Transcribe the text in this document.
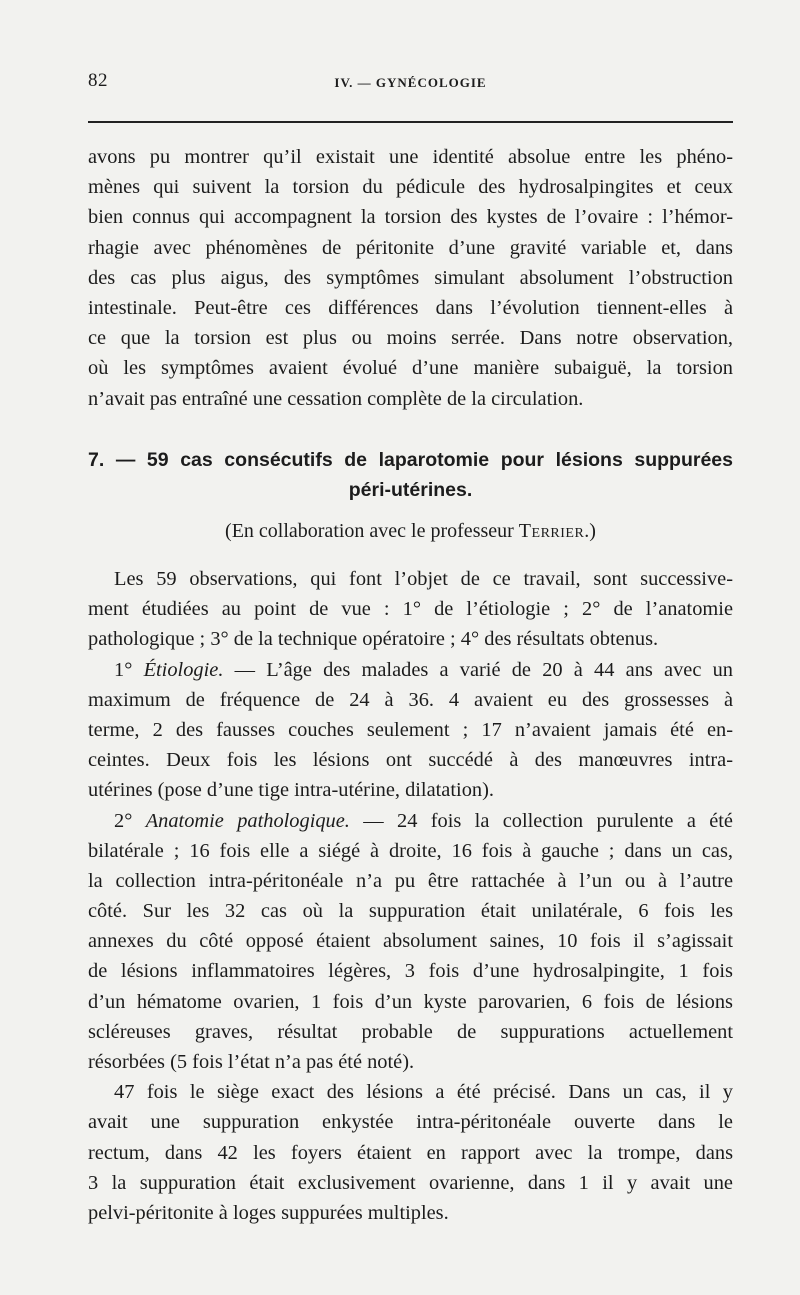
82	IV. — GYNÉCOLOGIE
avons pu montrer qu’il existait une identité absolue entre les phéno-
mènes qui suivent la torsion du pédicule des hydrosalpingites et ceux
bien connus qui accompagnent la torsion des kystes de l’ovaire : l’hémor-
rhagie avec phénomènes de péritonite d’une gravité variable et, dans
des cas plus aigus, des symptômes simulant absolument l’obstruction
intestinale. Peut-être ces différences dans l’évolution tiennent-elles à
ce que la torsion est plus ou moins serrée. Dans notre observation,
où les symptômes avaient évolué d’une manière subaiguë, la torsion
n’avait pas entraîné une cessation complète de la circulation.
7. — 59 cas consécutifs de laparotomie pour lésions suppurées
péri-utérines.
(En collaboration avec le professeur Terrier.)
Les 59 observations, qui font l’objet de ce travail, sont successive-
ment étudiées au point de vue : 1° de l’étiologie ; 2° de l’anatomie
pathologique ; 3° de la technique opératoire ; 4° des résultats obtenus.
1° Étiologie. — L’âge des malades a varié de 20 à 44 ans avec un
maximum de fréquence de 24 à 36. 4 avaient eu des grossesses à
terme, 2 des fausses couches seulement ; 17 n’avaient jamais été en-
ceintes. Deux fois les lésions ont succédé à des manœuvres intra-
utérines (pose d’une tige intra-utérine, dilatation).
2° Anatomie pathologique. — 24 fois la collection purulente a été
bilatérale ; 16 fois elle a siégé à droite, 16 fois à gauche ; dans un cas,
la collection intra-péritonéale n’a pu être rattachée à l’un ou à l’autre
côté. Sur les 32 cas où la suppuration était unilatérale, 6 fois les
annexes du côté opposé étaient absolument saines, 10 fois il s’agissait
de lésions inflammatoires légères, 3 fois d’une hydrosalpingite, 1 fois
d’un hématome ovarien, 1 fois d’un kyste parovarien, 6 fois de lésions
scléreuses graves, résultat probable de suppurations actuellement
résorbées (5 fois l’état n’a pas été noté).
47 fois le siège exact des lésions a été précisé. Dans un cas, il y
avait une suppuration enkystée intra-péritonéale ouverte dans le
rectum, dans 42 les foyers étaient en rapport avec la trompe, dans
3 la suppuration était exclusivement ovarienne, dans 1 il y avait une
pelvi-péritonite à loges suppurées multiples.
